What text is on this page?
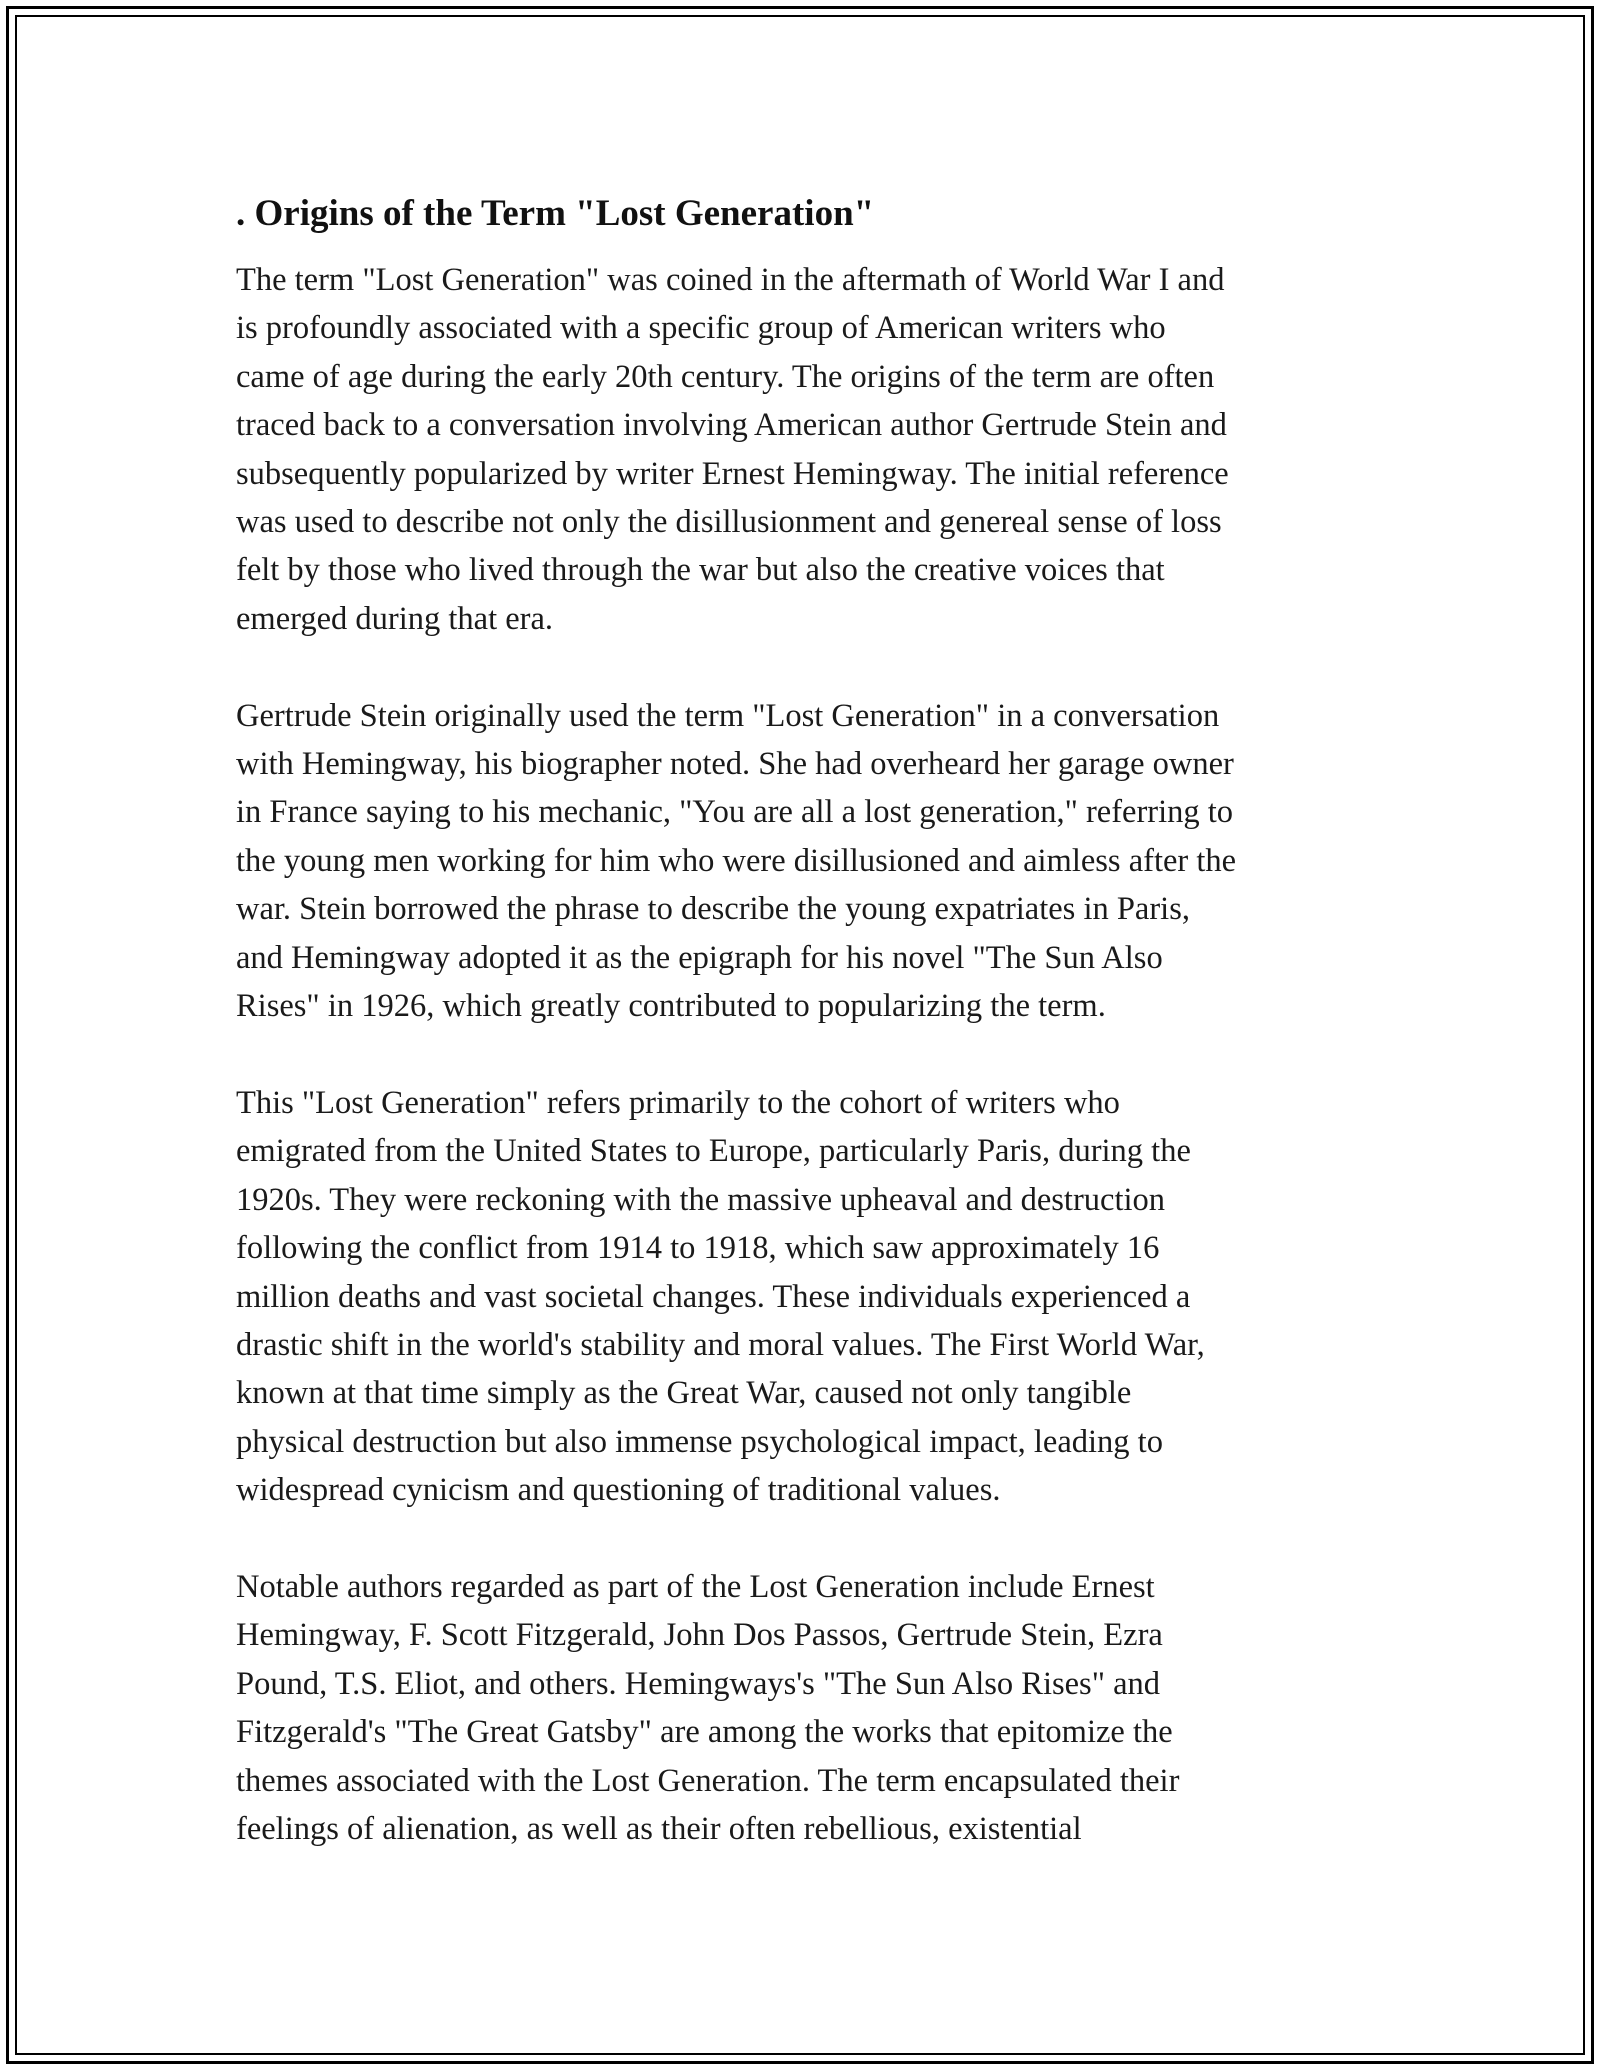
. Origins of the Term "Lost Generation"

The term "Lost Generation" was coined in the aftermath of World War I and
is profoundly associated with a specific group of American writers who
came of age during the early 20th century. The origins of the term are often
traced back to a conversation involving American author Gertrude Stein and
subsequently popularized by writer Ernest Hemingway. The initial reference
was used to describe not only the disillusionment and genereal sense of loss
felt by those who lived through the war but also the creative voices that
emerged during that era.

Gertrude Stein originally used the term "Lost Generation" in a conversation
with Hemingway, his biographer noted. She had overheard her garage owner
in France saying to his mechanic, "You are all a lost generation," referring to
the young men working for him who were disillusioned and aimless after the
war. Stein borrowed the phrase to describe the young expatriates in Paris,
and Hemingway adopted it as the epigraph for his novel "The Sun Also
Rises" in 1926, which greatly contributed to popularizing the term.

This "Lost Generation" refers primarily to the cohort of writers who
emigrated from the United States to Europe, particularly Paris, during the
1920s. They were reckoning with the massive upheaval and destruction
following the conflict from 1914 to 1918, which saw approximately 16
million deaths and vast societal changes. These individuals experienced a
drastic shift in the world's stability and moral values. The First World War,
known at that time simply as the Great War, caused not only tangible
physical destruction but also immense psychological impact, leading to
widespread cynicism and questioning of traditional values.

Notable authors regarded as part of the Lost Generation include Ernest
Hemingway, F. Scott Fitzgerald, John Dos Passos, Gertrude Stein, Ezra
Pound, T.S. Eliot, and others. Hemingways's "The Sun Also Rises" and
Fitzgerald's "The Great Gatsby" are among the works that epitomize the
themes associated with the Lost Generation. The term encapsulated their
feelings of alienation, as well as their often rebellious, existential
